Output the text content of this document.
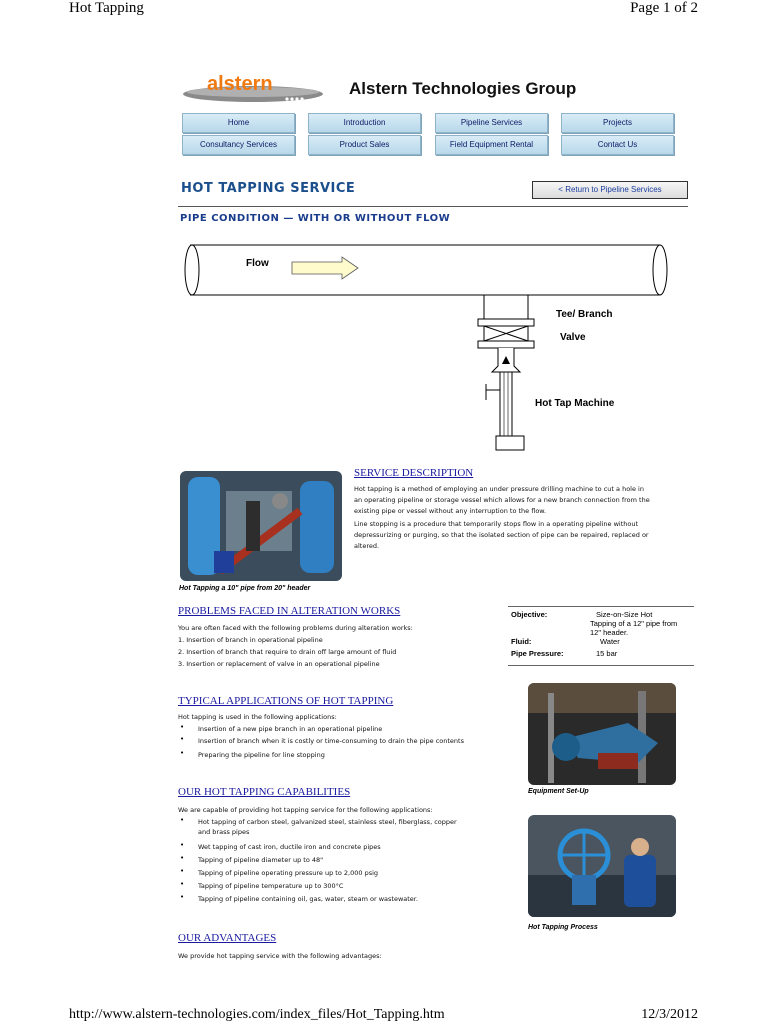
Hot Tapping	Page 1 of 2
http://www.alstern-technologies.com/index_files/Hot_Tapping.htm	12/3/2012
alstern	Alstern Technologies Group
Home	Introduction	Pipeline Services	Projects
Consultancy Services	Product Sales	Field Equipment Rental	Contact Us
HOT TAPPING SERVICE	< Return to Pipeline Services
PIPE CONDITION — WITH OR WITHOUT FLOW
Flow
Tee/ Branch
Valve
Hot Tap Machine
Hot Tapping a 10" pipe from 20" header
SERVICE DESCRIPTION
Hot tapping is a method of employing an under pressure drilling machine to cut a hole in
an operating pipeline or storage vessel which allows for a new branch connection from the
existing pipe or vessel without any interruption to the flow.
Line stopping is a procedure that temporarily stops flow in a operating pipeline without
depressurizing or purging, so that the isolated section of pipe can be repaired, replaced or
altered.
PROBLEMS FACED IN ALTERATION WORKS
You are often faced with the following problems during alteration works:
1. Insertion of branch in operational pipeline
2. Insertion of branch that require to drain off large amount of fluid
3. Insertion or replacement of valve in an operational pipeline
Objective:	Size-on-Size Hot
Tapping of a 12" pipe from
12" header.
Fluid:	Water
Pipe Pressure:	15 bar
TYPICAL APPLICATIONS OF HOT TAPPING
Hot tapping is used in the following applications:
• Insertion of a new pipe branch in an operational pipeline
• Insertion of branch when it is costly or time-consuming to drain the pipe contents
• Preparing the pipeline for line stopping
Equipment Set-Up
OUR HOT TAPPING CAPABILITIES
We are capable of providing hot tapping service for the following applications:
• Hot tapping of carbon steel, galvanized steel, stainless steel, fiberglass, copper
and brass pipes
• Wet tapping of cast iron, ductile iron and concrete pipes
• Tapping of pipeline diameter up to 48"
• Tapping of pipeline operating pressure up to 2,000 psig
• Tapping of pipeline temperature up to 300°C
• Tapping of pipeline containing oil, gas, water, steam or wastewater.
Hot Tapping Process
OUR ADVANTAGES
We provide hot tapping service with the following advantages:
